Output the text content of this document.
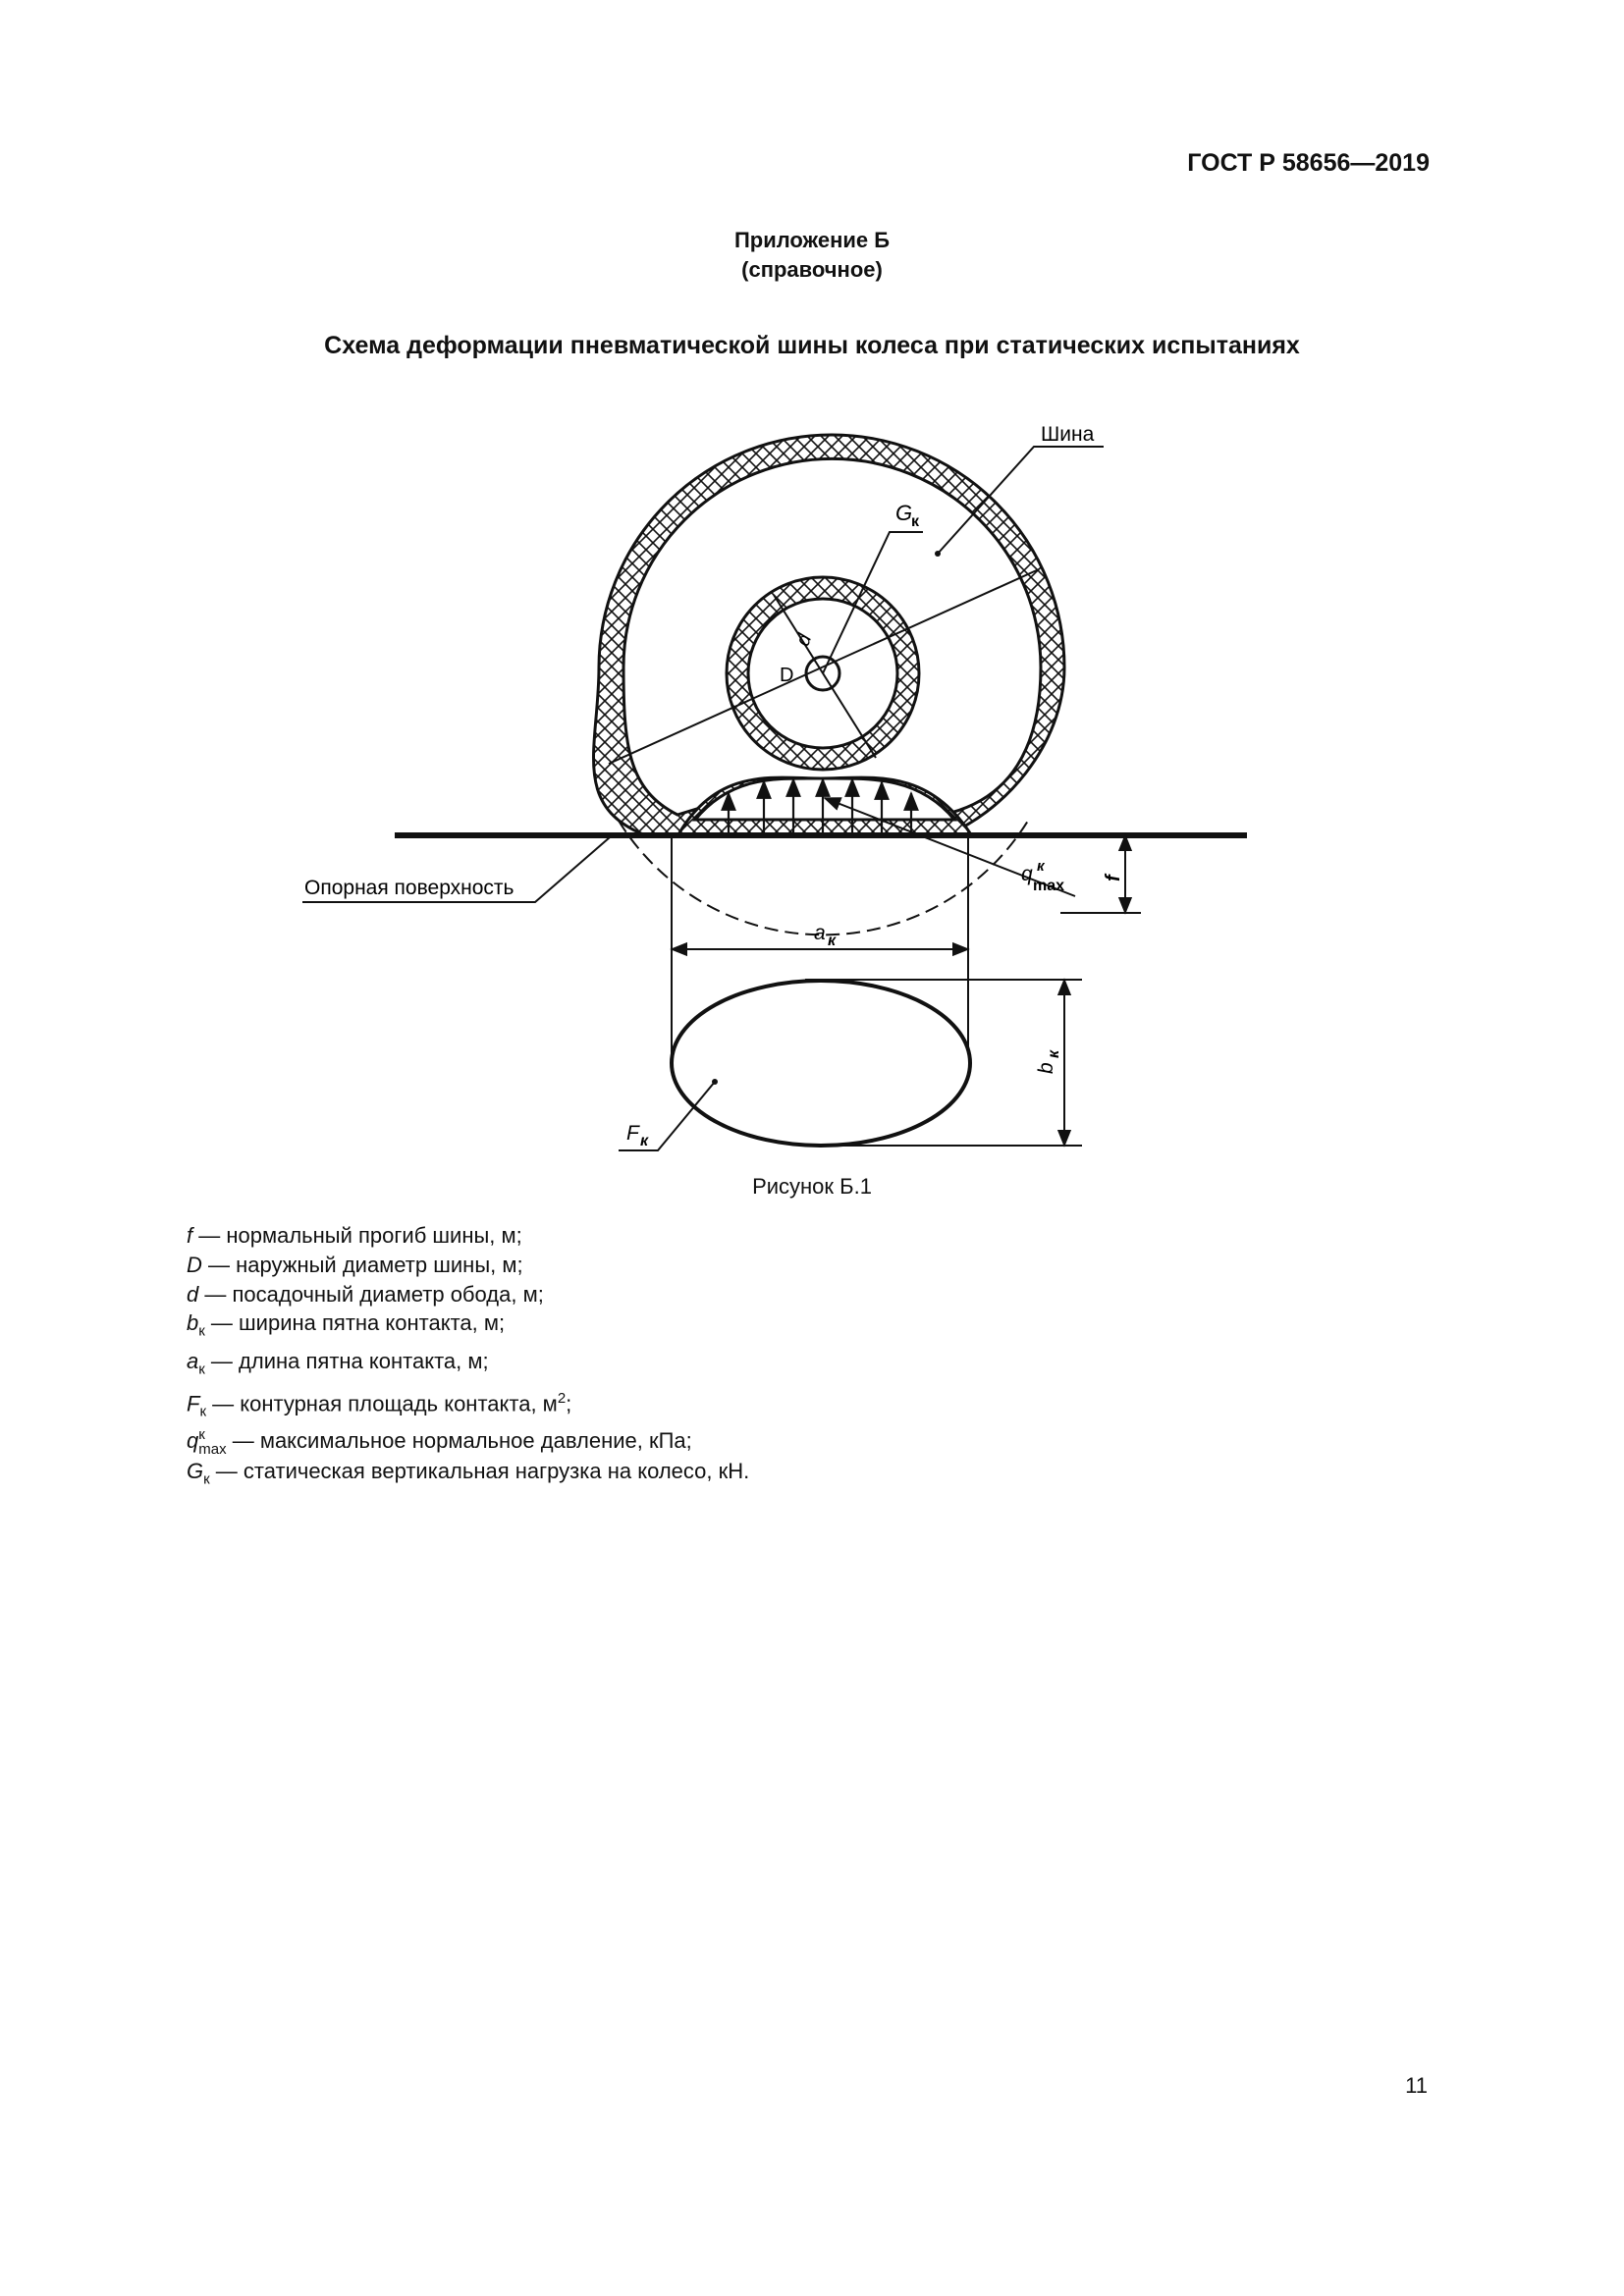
ГОСТ Р 58656—2019
Приложение Б
(справочное)
Схема деформации пневматической шины колеса при статических испытаниях
Шина
Опорная поверхность
G
к
D
d
q к
max f
a к
b
к
F к
Рисунок Б.1
f — нормальный прогиб шины, м;
D — наружный диаметр шины, м;
d — посадочный диаметр обода, м;
$b_к$ — ширина пятна контакта, м;
$a_к$ — длина пятна контакта, м;
$F_к$ — контурная площадь контакта, $м^2$;
q к
max — максимальное нормальное давление, кПа;
$G_к$ — статическая вертикальная нагрузка на колесо, кН.
11
